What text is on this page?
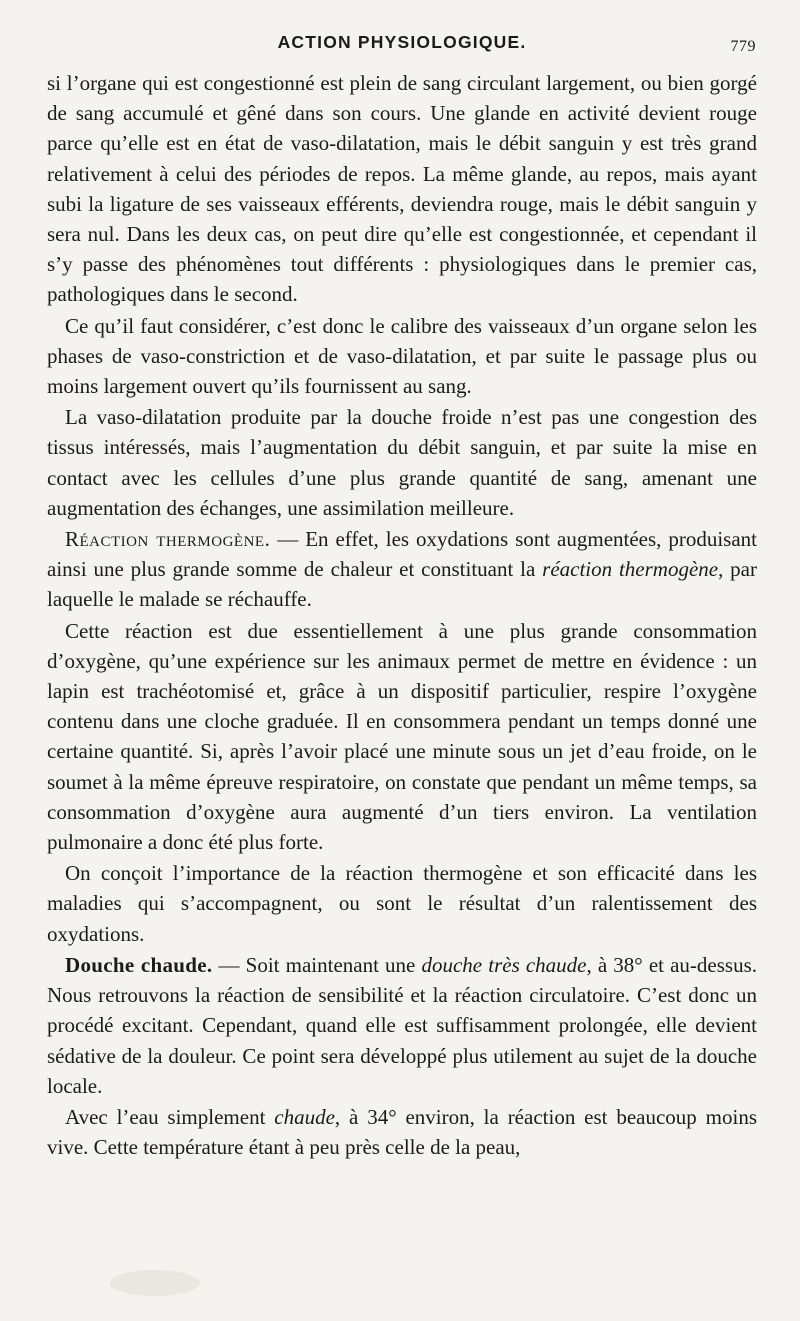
ACTION PHYSIOLOGIQUE.	779

si l’organe qui est congestionné est plein de sang circulant largement, ou bien gorgé de sang accumulé et gêné dans son cours. Une glande en activité devient rouge parce qu’elle est en état de vaso-dilatation, mais le débit sanguin y est très grand relativement à celui des périodes de repos. La même glande, au repos, mais ayant subi la ligature de ses vaisseaux efférents, deviendra rouge, mais le débit sanguin y sera nul. Dans les deux cas, on peut dire qu’elle est congestionnée, et cependant il s’y passe des phénomènes tout différents : physiologiques dans le premier cas, pathologiques dans le second.

Ce qu’il faut considérer, c’est donc le calibre des vaisseaux d’un organe selon les phases de vaso-constriction et de vaso-dilatation, et par suite le passage plus ou moins largement ouvert qu’ils fournissent au sang.

La vaso-dilatation produite par la douche froide n’est pas une congestion des tissus intéressés, mais l’augmentation du débit sanguin, et par suite la mise en contact avec les cellules d’une plus grande quantité de sang, amenant une augmentation des échanges, une assimilation meilleure.

Réaction thermogène. — En effet, les oxydations sont augmentées, produisant ainsi une plus grande somme de chaleur et constituant la réaction thermogène, par laquelle le malade se réchauffe.

Cette réaction est due essentiellement à une plus grande consommation d’oxygène, qu’une expérience sur les animaux permet de mettre en évidence : un lapin est trachéotomisé et, grâce à un dispositif particulier, respire l’oxygène contenu dans une cloche graduée. Il en consommera pendant un temps donné une certaine quantité. Si, après l’avoir placé une minute sous un jet d’eau froide, on le soumet à la même épreuve respiratoire, on constate que pendant un même temps, sa consommation d’oxygène aura augmenté d’un tiers environ. La ventilation pulmonaire a donc été plus forte.

On conçoit l’importance de la réaction thermogène et son efficacité dans les maladies qui s’accompagnent, ou sont le résultat d’un ralentissement des oxydations.

Douche chaude. — Soit maintenant une douche très chaude, à 38° et au-dessus. Nous retrouvons la réaction de sensibilité et la réaction circulatoire. C’est donc un procédé excitant. Cependant, quand elle est suffisamment prolongée, elle devient sédative de la douleur. Ce point sera développé plus utilement au sujet de la douche locale.

Avec l’eau simplement chaude, à 34° environ, la réaction est beaucoup moins vive. Cette température étant à peu près celle de la peau,
